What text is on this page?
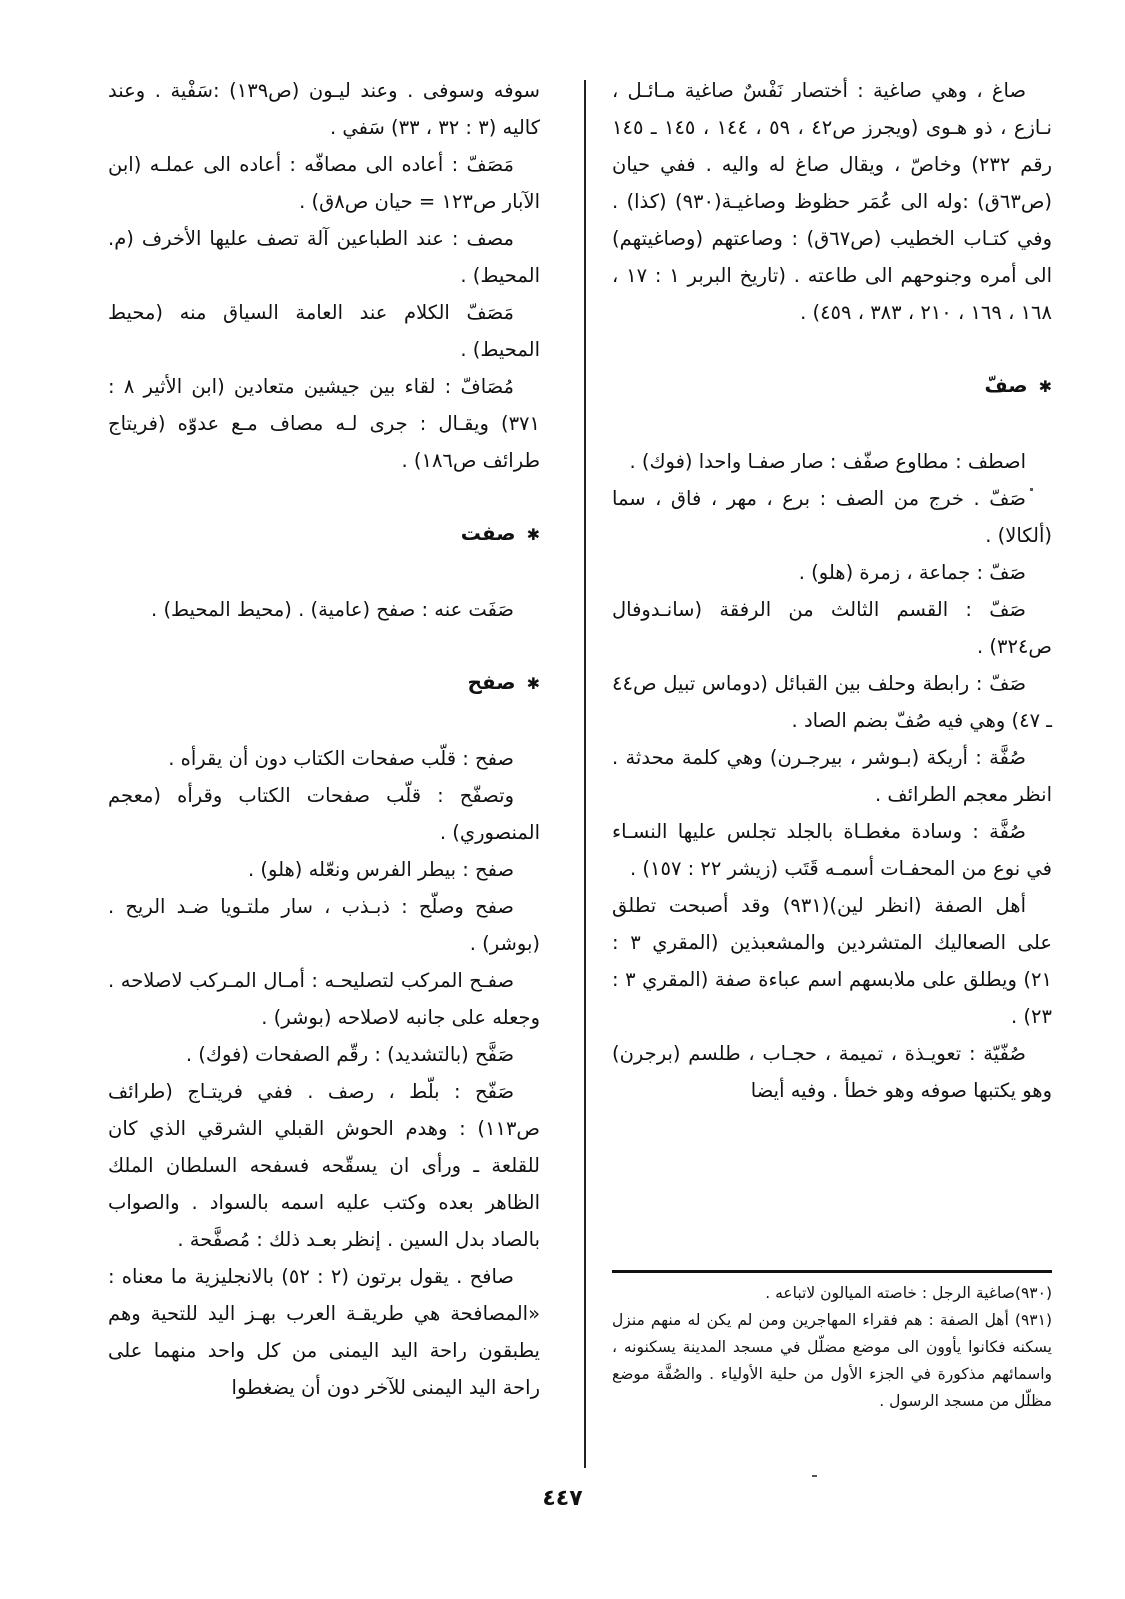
صاغ ، وهي صاغية : أختصار نَفْسٌ صاغية مـائـل ، نـازع ، ذو هـوى (ويجرز ص٤٢ ، ٥٩ ، ١٤٤ ، ١٤٥ ـ ١٤٥ رقم ٢٣٢) وخاصّ ، ويقال صاغ له واليه . ففي حيان (ص٦٣ق) :وله الى عُمَر حظوظ وصاغيـة(٩٣٠) (كذا) . وفي كتـاب الخطيب (ص٦٧ق) : وصاعتهم (وصاغيتهم) الى أمره وجنوحهم الى طاعته . (تاريخ البربر ١ : ١٧ ، ١٦٨ ، ١٦٩ ، ٢١٠ ، ٣٨٣ ، ٤٥٩) .

✱ صفّ

اصطف : مطاوع صفّف : صار صفـا واحدا (فوك) .

صَفّ . خرج من الصف : برع ، مهر ، فاق ، سما (ألكالا) .

صَفّ : جماعة ، زمرة (هلو) .

صَفّ : القسم الثالث من الرفقة (سانـدوفال ص٣٢٤) .

صَفّ : رابطة وحلف بين القبائل (دوماس تبيل ص٤٤ ـ ٤٧) وهي فيه صُفّ بضم الصاد .

صُفَّة : أريكة (بـوشر ، بيرجـرن) وهي كلمة محدثة . انظر معجم الطرائف .

صُفَّة : وسادة مغطـاة بالجلد تجلس عليها النسـاء في نوع من المحفـات أسمـه قَتَب (زيشر ٢٢ : ١٥٧) .

أهل الصفة (انظر لين)(٩٣١) وقد أصبحت تطلق على الصعاليك المتشردين والمشعبذين (المقري ٣ : ٢١) ويطلق على ملابسهم اسم عباءة صفة (المقري ٣ : ٢٣) .

صُفّيّة : تعويـذة ، تميمة ، حجـاب ، طلسم (برجرن) وهو يكتبها صوفه وهو خطأ . وفيه أيضا

سوفه وسوفى . وعند ليـون (ص١٣٩) :سَفْية . وعند كاليه (٣ : ٣٢ ، ٣٣) سَفي .

مَصَفّ : أعاده الى مصافّه : أعاده الى عملـه (ابن الآبار ص١٢٣ = حيان ص٨ق) .

مصف : عند الطباعين آلة تصف عليها الأخرف (م. المحيط) .

مَصَفّ الكلام عند العامة السياق منه (محيط المحيط) .

مُصَافّ : لقاء بين جيشين متعادين (ابن الأثير ٨ : ٣٧١) ويقـال : جرى لـه مصاف مـع عدوّه (فريتاج طرائف ص١٨٦) .

✱ صفت

صَفَت عنه : صفح (عامية) . (محيط المحيط) .

✱ صفح

صفح : قلّب صفحات الكتاب دون أن يقرأه .

وتصفّح : قلّب صفحات الكتاب وقرأه (معجم المنصوري) .

صفح : بيطر الفرس ونعّله (هلو) .

صفح وصلّح : ذبـذب ، سار ملتـويا ضـد الريح . (بوشر) .

صفـح المركب لتصليحـه : أمـال المـركب لاصلاحه . وجعله على جانبه لاصلاحه (بوشر) .

صَفَّح (بالتشديد) : رقّم الصفحات (فوك) .

صَفّح : بلّط ، رصف . ففي فريتـاج (طرائف ص١١٣) : وهدم الحوش القبلي الشرقي الذي كان للقلعة ـ ورأى ان يسقّحه فسفحه السلطان الملك الظاهر بعده وكتب عليه اسمه بالسواد . والصواب بالصاد بدل السين . إنظر بعـد ذلك : مُصفَّحة .

صافح . يقول برتون (٢ : ٥٢) بالانجليزية ما معناه : «المصافحة هي طريقـة العرب بهـز اليد للتحية وهم يطبقون راحة اليد اليمنى من كل واحد منهما على راحة اليد اليمنى للآخر دون أن يضغطوا

(٩٣٠)صاغية الرجل : خاصته الميالون لاتباعه .

(٩٣١) أهل الصفة : هم فقراء المهاجرين ومن لم يكن له منهم منزل يسكنه فكانوا يأوون الى موضع مضلّل في مسجد المدينة يسكنونه ، واسمائهم مذكورة في الجزء الأول من حلية الأولياء . والصُفَّة موضع مظلّل من مسجد الرسول .

٤٤٧
